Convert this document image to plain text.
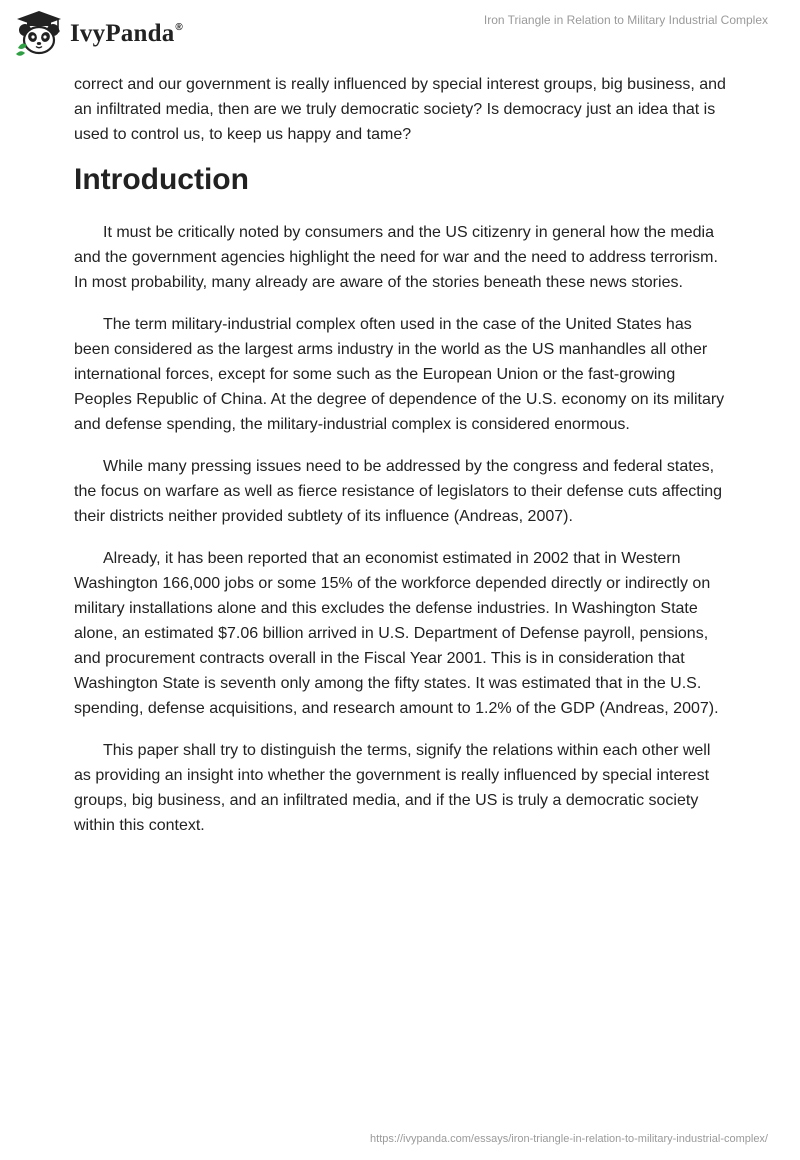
IvyPanda®
Iron Triangle in Relation to Military Industrial Complex

correct and our government is really influenced by special interest groups, big business, and an infiltrated media, then are we truly democratic society? Is democracy just an idea that is used to control us, to keep us happy and tame?

Introduction

It must be critically noted by consumers and the US citizenry in general how the media and the government agencies highlight the need for war and the need to address terrorism. In most probability, many already are aware of the stories beneath these news stories.

The term military-industrial complex often used in the case of the United States has been considered as the largest arms industry in the world as the US manhandles all other international forces, except for some such as the European Union or the fast-growing Peoples Republic of China. At the degree of dependence of the U.S. economy on its military and defense spending, the military-industrial complex is considered enormous.

While many pressing issues need to be addressed by the congress and federal states, the focus on warfare as well as fierce resistance of legislators to their defense cuts affecting their districts neither provided subtlety of its influence (Andreas, 2007).

Already, it has been reported that an economist estimated in 2002 that in Western Washington 166,000 jobs or some 15% of the workforce depended directly or indirectly on military installations alone and this excludes the defense industries. In Washington State alone, an estimated $7.06 billion arrived in U.S. Department of Defense payroll, pensions, and procurement contracts overall in the Fiscal Year 2001. This is in consideration that Washington State is seventh only among the fifty states. It was estimated that in the U.S. spending, defense acquisitions, and research amount to 1.2% of the GDP (Andreas, 2007).

This paper shall try to distinguish the terms, signify the relations within each other well as providing an insight into whether the government is really influenced by special interest groups, big business, and an infiltrated media, and if the US is truly a democratic society within this context.

https://ivypanda.com/essays/iron-triangle-in-relation-to-military-industrial-complex/
